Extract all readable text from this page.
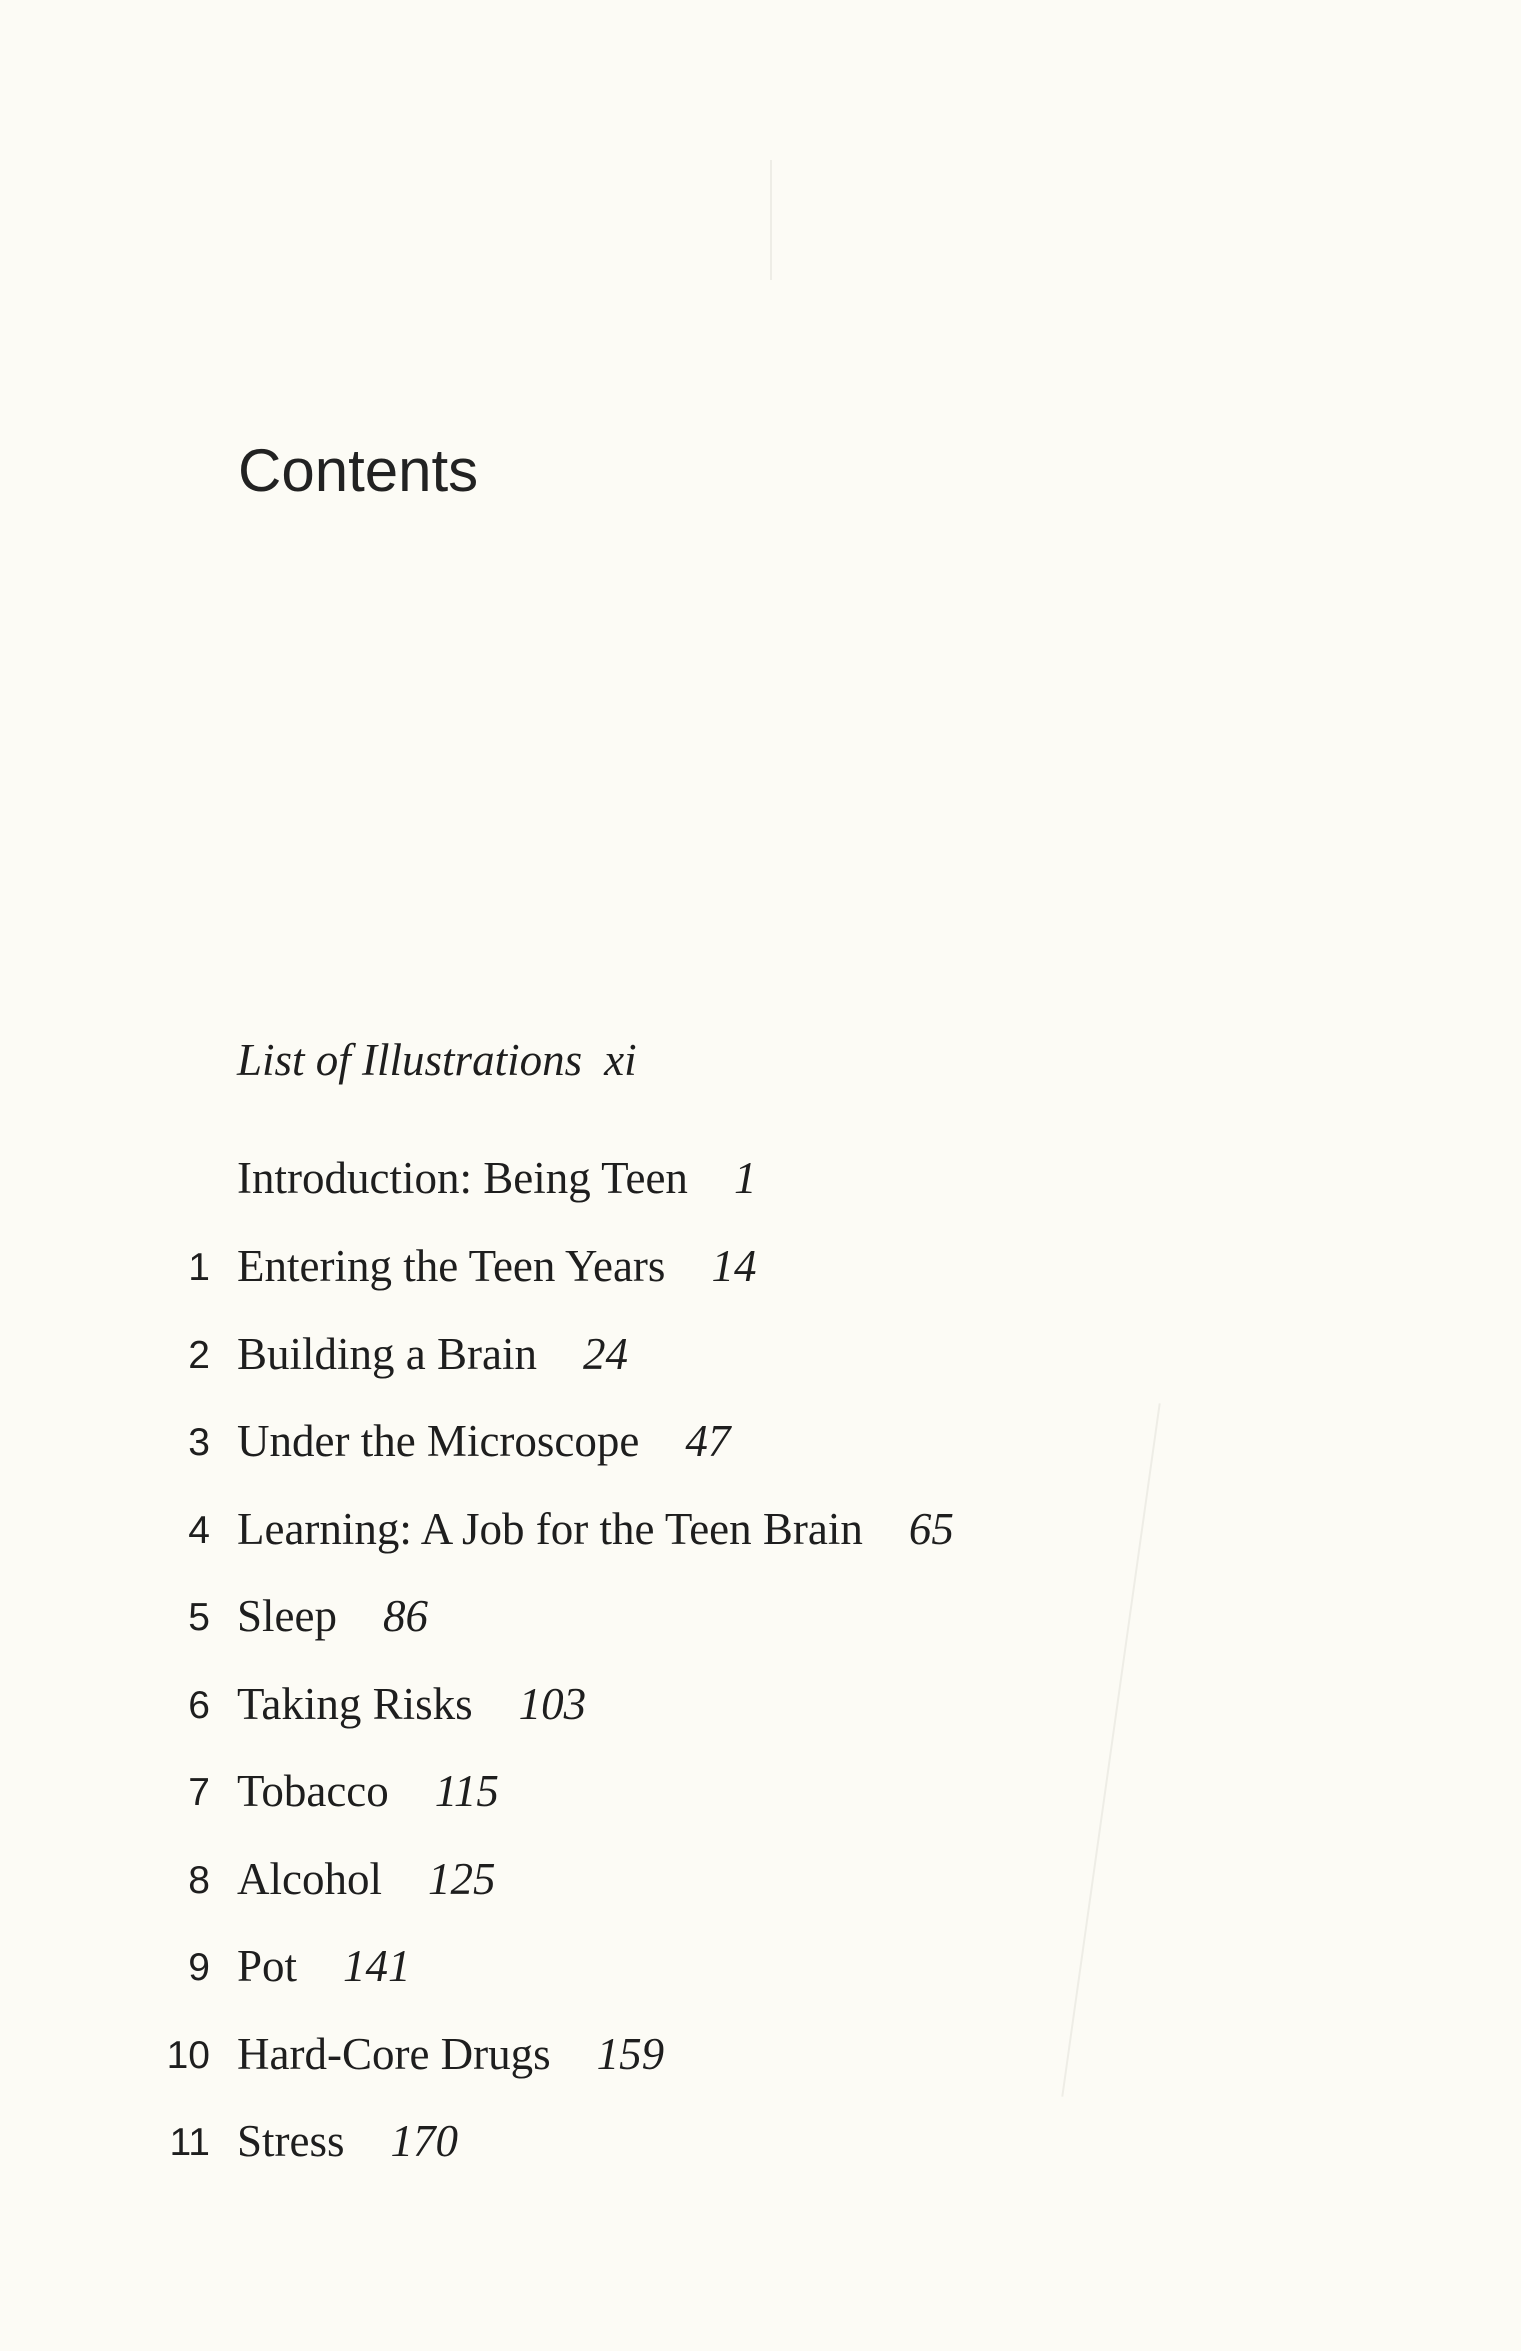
Contents
List of Illustrations xi
Introduction: Being Teen 1
1 Entering the Teen Years 14
2 Building a Brain 24
3 Under the Microscope 47
4 Learning: A Job for the Teen Brain 65
5 Sleep 86
6 Taking Risks 103
7 Tobacco 115
8 Alcohol 125
9 Pot 141
10 Hard-Core Drugs 159
11 Stress 170
